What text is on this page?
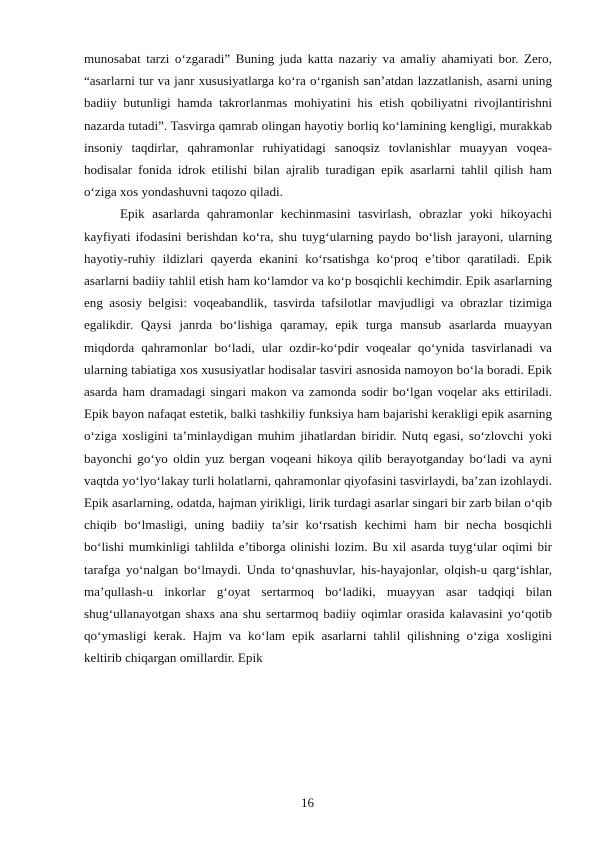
munosabat tarzi o‘zgaradi” Buning juda katta nazariy va amaliy ahamiyati bor. Zero, “asarlarni tur va janr xususiyatlarga ko‘ra o‘rganish san’atdan lazzatlanish, asarni uning badiiy butunligi hamda takrorlanmas mohiyatini his etish qobiliyatni rivojlantirishni nazarda tutadi”. Tasvirga qamrab olingan hayotiy borliq ko‘lamining kengligi, murakkab insoniy taqdirlar, qahramonlar ruhiyatidagi sanoqsiz tovlanishlar muayyan voqea-hodisalar fonida idrok etilishi bilan ajralib turadigan epik asarlarni tahlil qilish ham o‘ziga xos yondashuvni taqozo qiladi.

Epik asarlarda qahramonlar kechinmasini tasvirlash, obrazlar yoki hikoyachi kayfiyati ifodasini berishdan ko‘ra, shu tuyg‘ularning paydo bo‘lish jarayoni, ularning hayotiy-ruhiy ildizlari qayerda ekanini ko‘rsatishga ko‘proq e’tibor qaratiladi. Epik asarlarni badiiy tahlil etish ham ko‘lamdor va ko‘p bosqichli kechimdir. Epik asarlarning eng asosiy belgisi: voqeabandlik, tasvirda tafsilotlar mavjudligi va obrazlar tizimiga egalikdir. Qaysi janrda bo‘lishiga qaramay, epik turga mansub asarlarda muayyan miqdorda qahramonlar bo‘ladi, ular ozdir-ko‘pdir voqealar qo‘ynida tasvirlanadi va ularning tabiatiga xos xususiyatlar hodisalar tasviri asnosida namoyon bo‘la boradi. Epik asarda ham dramadagi singari makon va zamonda sodir bo‘lgan voqelar aks ettiriladi. Epik bayon nafaqat estetik, balki tashkiliy funksiya ham bajarishi kerakligi epik asarning o‘ziga xosligini ta’minlaydigan muhim jihatlardan biridir. Nutq egasi, so‘zlovchi yoki bayonchi go‘yo oldin yuz bergan voqeani hikoya qilib berayotganday bo‘ladi va ayni vaqtda yo‘lyo‘lakay turli holatlarni, qahramonlar qiyofasini tasvirlaydi, ba’zan izohlaydi. Epik asarlarning, odatda, hajman yirikligi, lirik turdagi asarlar singari bir zarb bilan o‘qib chiqib bo‘lmasligi, uning badiiy ta’sir ko‘rsatish kechimi ham bir necha bosqichli bo‘lishi mumkinligi tahlilda e’tiborga olinishi lozim. Bu xil asarda tuyg‘ular oqimi bir tarafga yo‘nalgan bo‘lmaydi. Unda to‘qnashuvlar, his-hayajonlar, olqish-u qarg‘ishlar, ma’qullash-u inkorlar g‘oyat sertarmoq bo‘ladiki, muayyan asar tadqiqi bilan shug‘ullanayotgan shaxs ana shu sertarmoq badiiy oqimlar orasida kalavasini yo‘qotib qo‘ymasligi kerak. Hajm va ko‘lam epik asarlarni tahlil qilishning o‘ziga xosligini keltirib chiqargan omillardir. Epik

16
